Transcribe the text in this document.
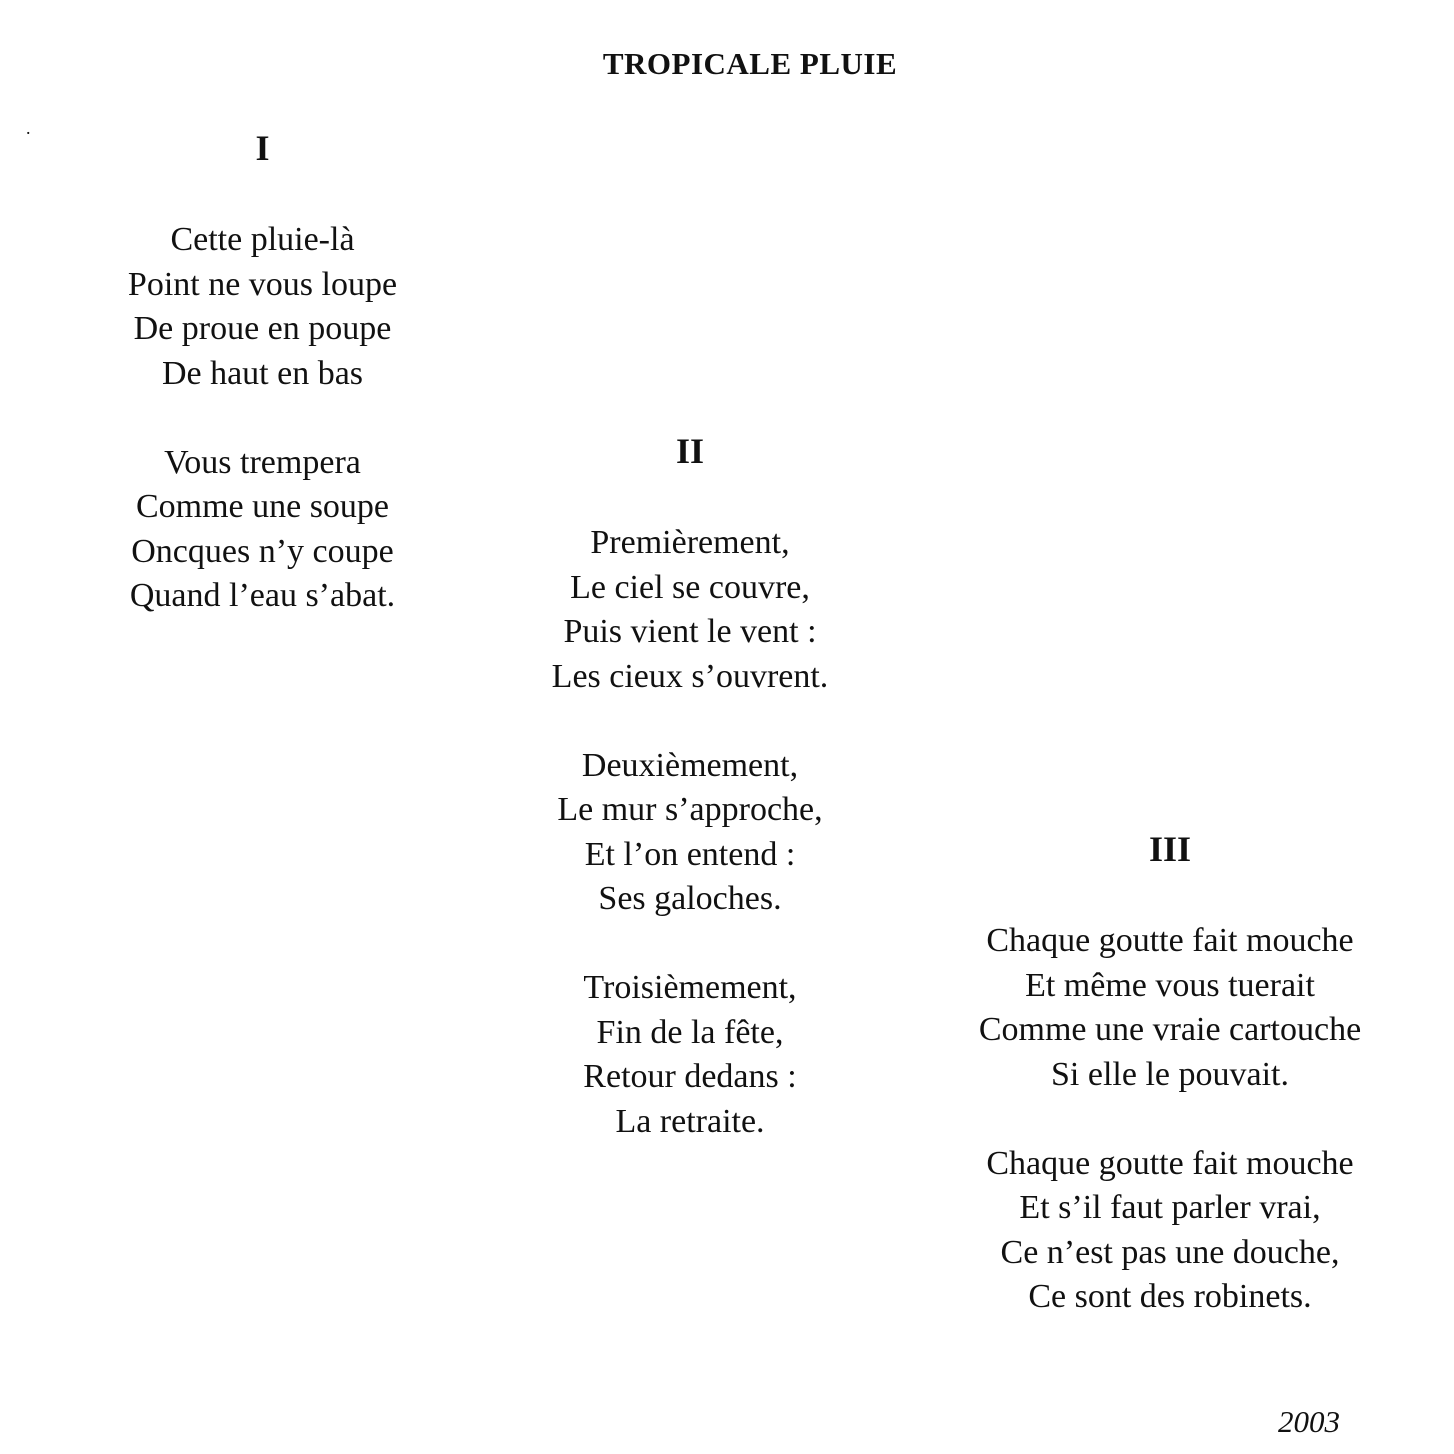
TROPICALE PLUIE
.	I
Cette pluie-là
Point ne vous loupe
De proue en poupe
De haut en bas
Vous trempera
Comme une soupe
Oncques n’y coupe
Quand l’eau s’abat.
II
Premièrement,
Le ciel se couvre,
Puis vient le vent :
Les cieux s’ouvrent.
Deuxièmement,
Le mur s’approche,
Et l’on entend :
Ses galoches.
Troisièmement,
Fin de la fête,
Retour dedans :
La retraite.
III
Chaque goutte fait mouche
Et même vous tuerait
Comme une vraie cartouche
Si elle le pouvait.
Chaque goutte fait mouche
Et s’il faut parler vrai,
Ce n’est pas une douche,
Ce sont des robinets.
2003
